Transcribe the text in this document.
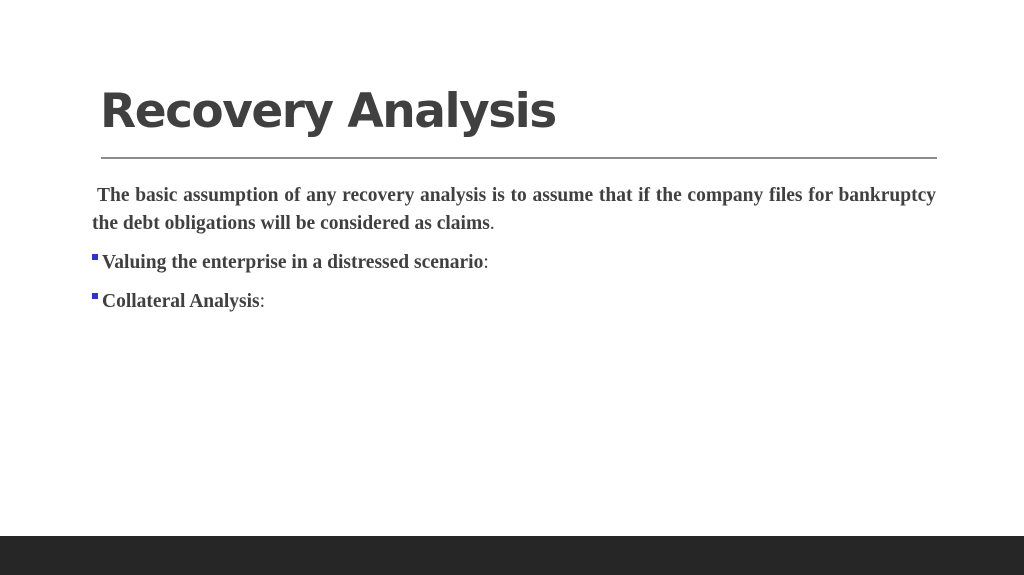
Recovery Analysis

The basic assumption of any recovery analysis is to assume that if the company files for bankruptcy the debt obligations will be considered as claims.

Valuing the enterprise in a distressed scenario:

Collateral Analysis:
